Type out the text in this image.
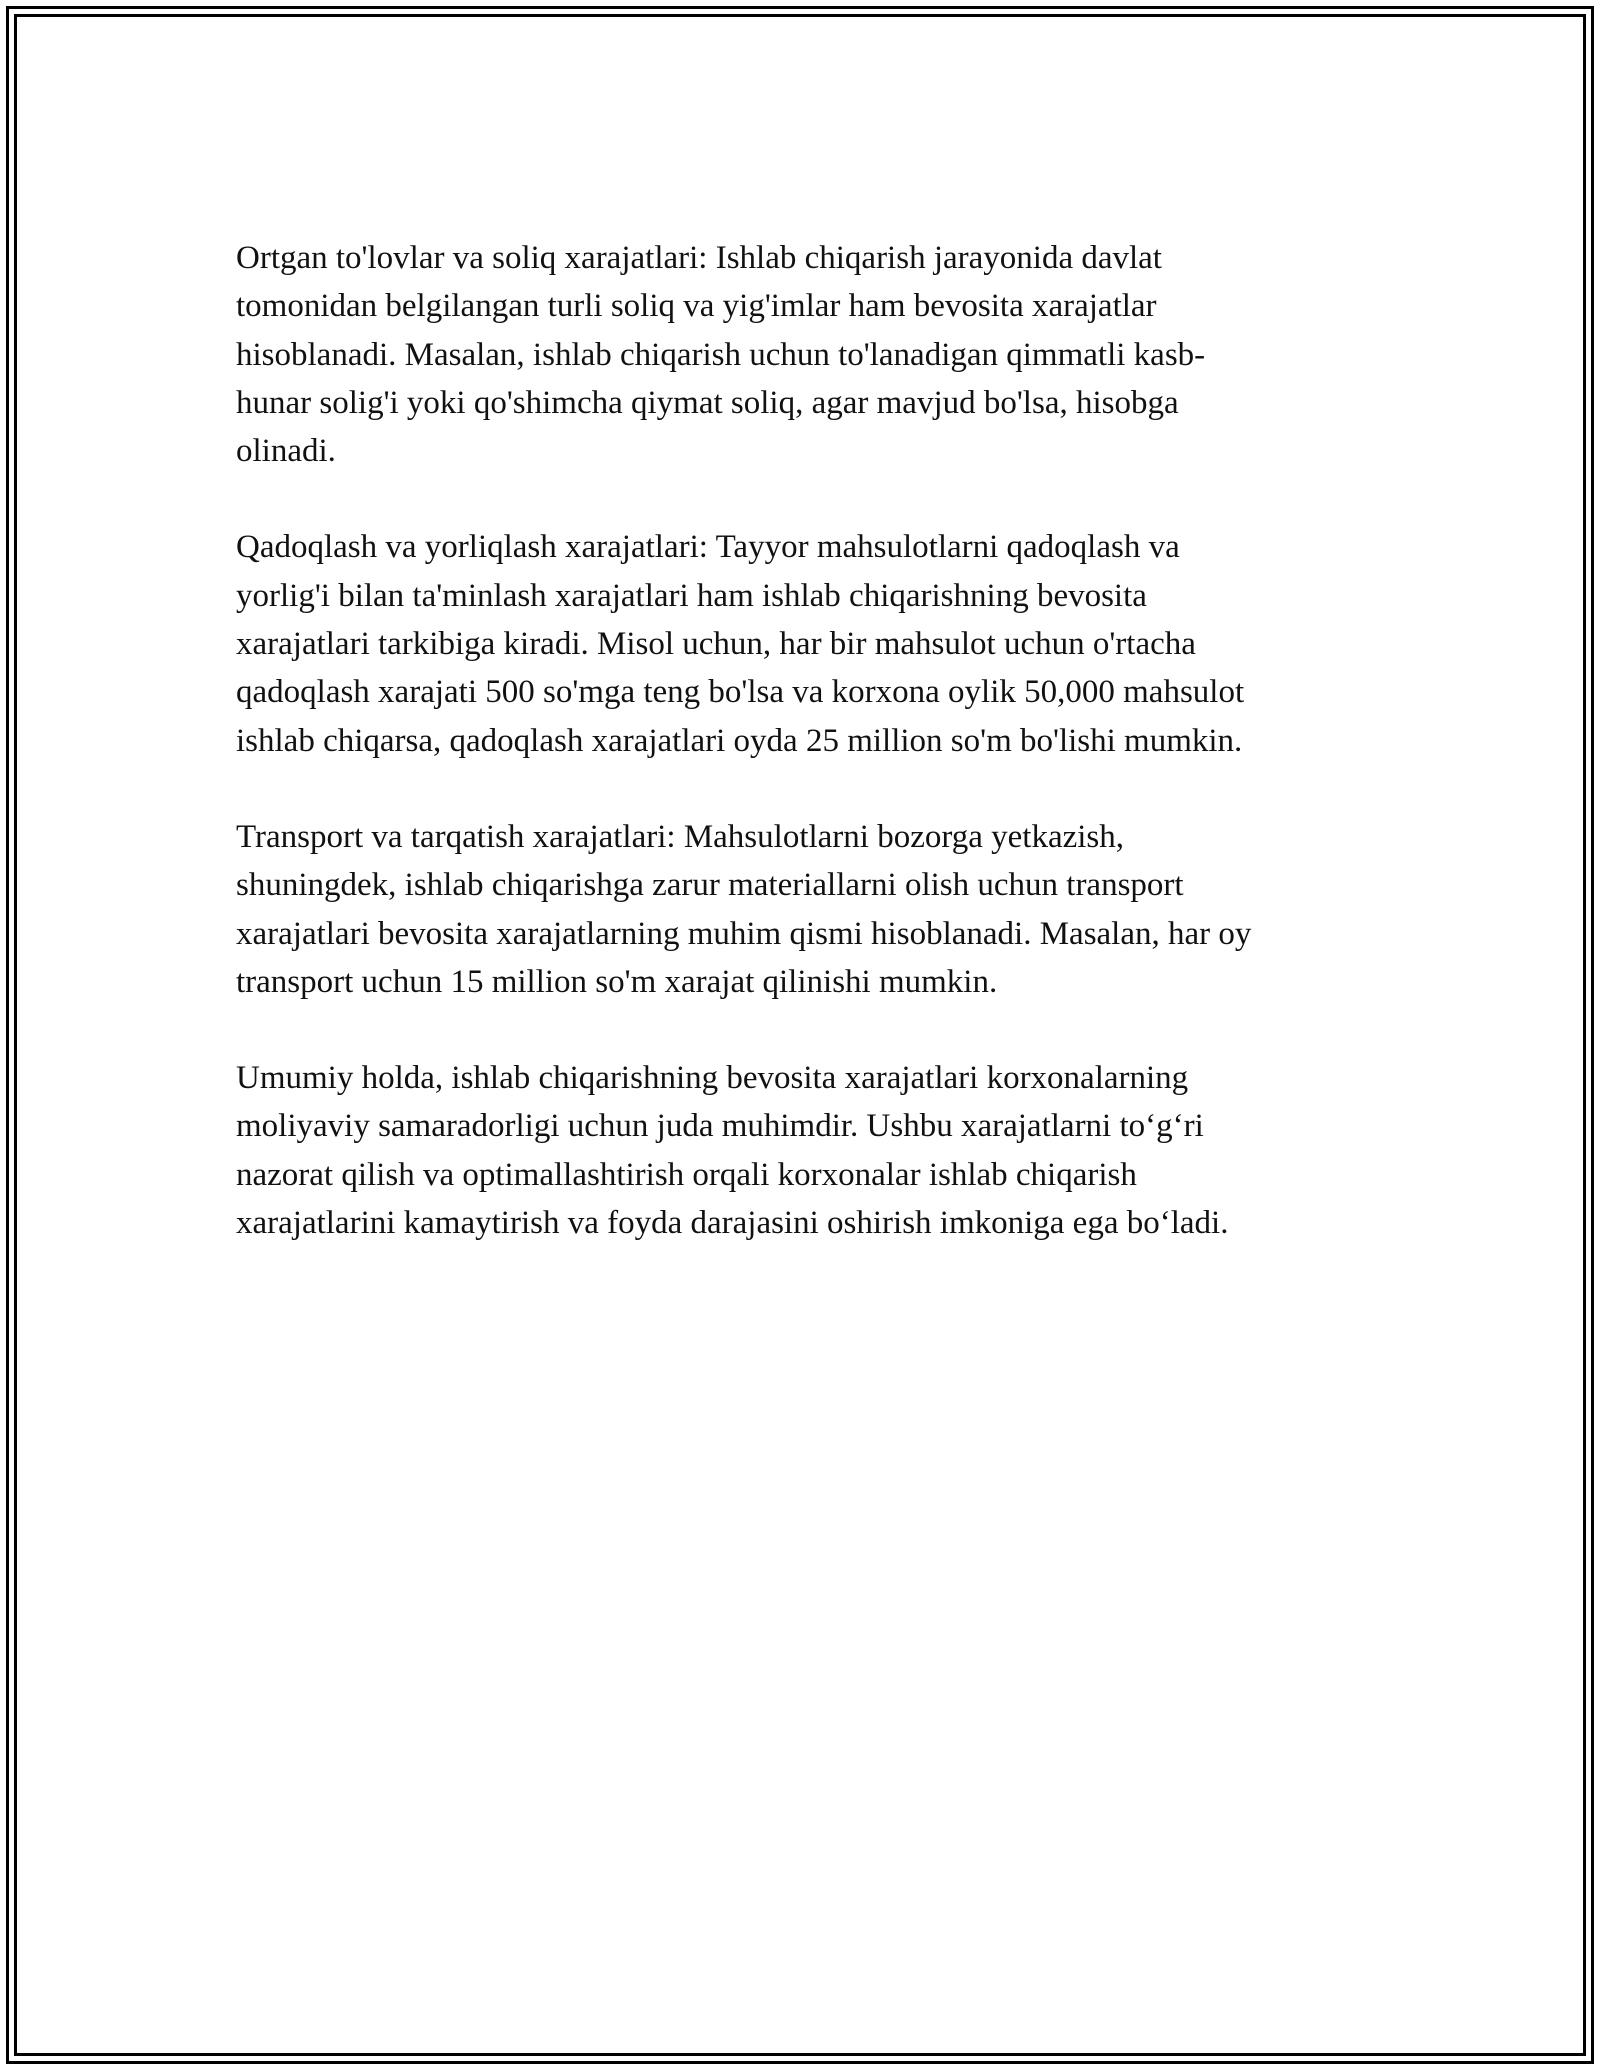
Ortgan to'lovlar va soliq xarajatlari: Ishlab chiqarish jarayonida davlat
tomonidan belgilangan turli soliq va yig'imlar ham bevosita xarajatlar
hisoblanadi. Masalan, ishlab chiqarish uchun to'lanadigan qimmatli kasb-
hunar solig'i yoki qo'shimcha qiymat soliq, agar mavjud bo'lsa, hisobga
olinadi.

Qadoqlash va yorliqlash xarajatlari: Tayyor mahsulotlarni qadoqlash va
yorlig'i bilan ta'minlash xarajatlari ham ishlab chiqarishning bevosita
xarajatlari tarkibiga kiradi. Misol uchun, har bir mahsulot uchun o'rtacha
qadoqlash xarajati 500 so'mga teng bo'lsa va korxona oylik 50,000 mahsulot
ishlab chiqarsa, qadoqlash xarajatlari oyda 25 million so'm bo'lishi mumkin.

Transport va tarqatish xarajatlari: Mahsulotlarni bozorga yetkazish,
shuningdek, ishlab chiqarishga zarur materiallarni olish uchun transport
xarajatlari bevosita xarajatlarning muhim qismi hisoblanadi. Masalan, har oy
transport uchun 15 million so'm xarajat qilinishi mumkin.

Umumiy holda, ishlab chiqarishning bevosita xarajatlari korxonalarning
moliyaviy samaradorligi uchun juda muhimdir. Ushbu xarajatlarni to‘g‘ri
nazorat qilish va optimallashtirish orqali korxonalar ishlab chiqarish
xarajatlarini kamaytirish va foyda darajasini oshirish imkoniga ega bo‘ladi.
